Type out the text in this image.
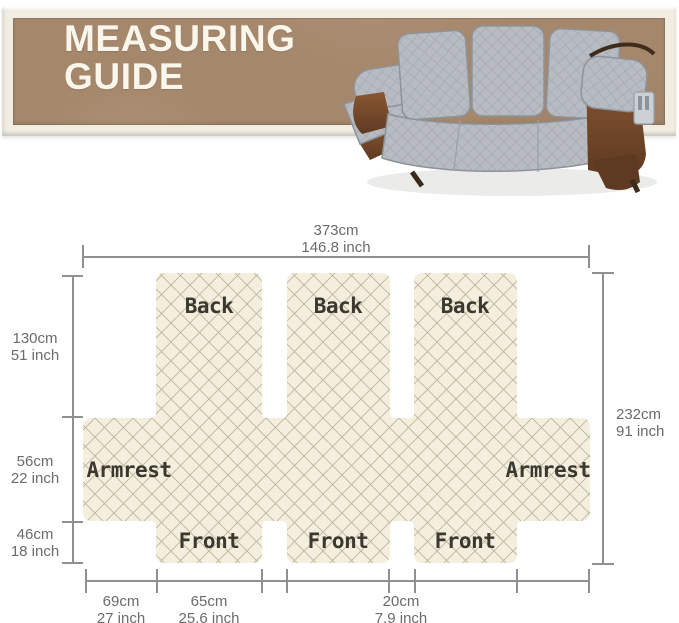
MEASURING
GUIDE
Back	Back	Back
Armrest	Armrest
Front	Front	Front
373cm
146.8 inch
130cm
51 inch
56cm
22 inch
46cm
18 inch
232cm
91 inch
69cm
27 inch
65cm
25.6 inch
20cm
7.9 inch
